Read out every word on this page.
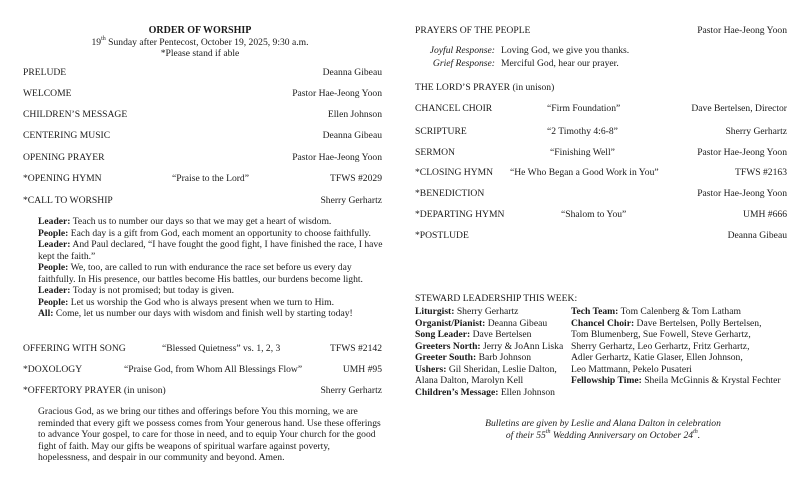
ORDER OF WORSHIP
19th Sunday after Pentecost, October 19, 2025, 9:30 a.m.
*Please stand if able
PRELUDE	Deanna Gibeau
WELCOME	Pastor Hae-Jeong Yoon
CHILDREN’S MESSAGE	Ellen Johnson
CENTERING MUSIC	Deanna Gibeau
OPENING PRAYER	Pastor Hae-Jeong Yoon
*OPENING HYMN	“Praise to the Lord”	TFWS #2029
*CALL TO WORSHIP	Sherry Gerhartz
Leader: Teach us to number our days so that we may get a heart of wisdom.
People: Each day is a gift from God, each moment an opportunity to choose faithfully.
Leader: And Paul declared, “I have fought the good fight, I have finished the race, I have
kept the faith.”
People: We, too, are called to run with endurance the race set before us every day
faithfully. In His presence, our battles become His battles, our burdens become light.
Leader: Today is not promised; but today is given.
People: Let us worship the God who is always present when we turn to Him.
All: Come, let us number our days with wisdom and finish well by starting today!
OFFERING WITH SONG	“Blessed Quietness” vs. 1, 2, 3	TFWS #2142
*DOXOLOGY	“Praise God, from Whom All Blessings Flow”	UMH #95
*OFFERTORY PRAYER (in unison)	Sherry Gerhartz
Gracious God, as we bring our tithes and offerings before You this morning, we are
reminded that every gift we possess comes from Your generous hand. Use these offerings
to advance Your gospel, to care for those in need, and to equip Your church for the good
fight of faith. May our gifts be weapons of spiritual warfare against poverty,
hopelessness, and despair in our community and beyond. Amen.
PRAYERS OF THE PEOPLE	Pastor Hae-Jeong Yoon
Joyful Response: Loving God, we give you thanks.
Grief Response: Merciful God, hear our prayer.
THE LORD’S PRAYER (in unison)
CHANCEL CHOIR	“Firm Foundation”	Dave Bertelsen, Director
SCRIPTURE	“2 Timothy 4:6-8”	Sherry Gerhartz
SERMON	“Finishing Well”	Pastor Hae-Jeong Yoon
*CLOSING HYMN “He Who Began a Good Work in You”	TFWS #2163
*BENEDICTION	Pastor Hae-Jeong Yoon
*DEPARTING HYMN	“Shalom to You”	UMH #666
*POSTLUDE	Deanna Gibeau
STEWARD LEADERSHIP THIS WEEK:
Liturgist: Sherry Gerhartz
Organist/Pianist: Deanna Gibeau
Song Leader: Dave Bertelsen
Greeters North: Jerry & JoAnn Liska
Greeter South: Barb Johnson
Ushers: Gil Sheridan, Leslie Dalton,
Alana Dalton, Marolyn Kell
Children’s Message: Ellen Johnson
Tech Team: Tom Calenberg & Tom Latham
Chancel Choir: Dave Bertelsen, Polly Bertelsen,
Tom Blumenberg, Sue Fowell, Steve Gerhartz,
Sherry Gerhartz, Leo Gerhartz, Fritz Gerhartz,
Adler Gerhartz, Katie Glaser, Ellen Johnson,
Leo Mattmann, Pekelo Pusateri
Fellowship Time: Sheila McGinnis & Krystal Fechter
Bulletins are given by Leslie and Alana Dalton in celebration
of their 55th Wedding Anniversary on October 24th.
